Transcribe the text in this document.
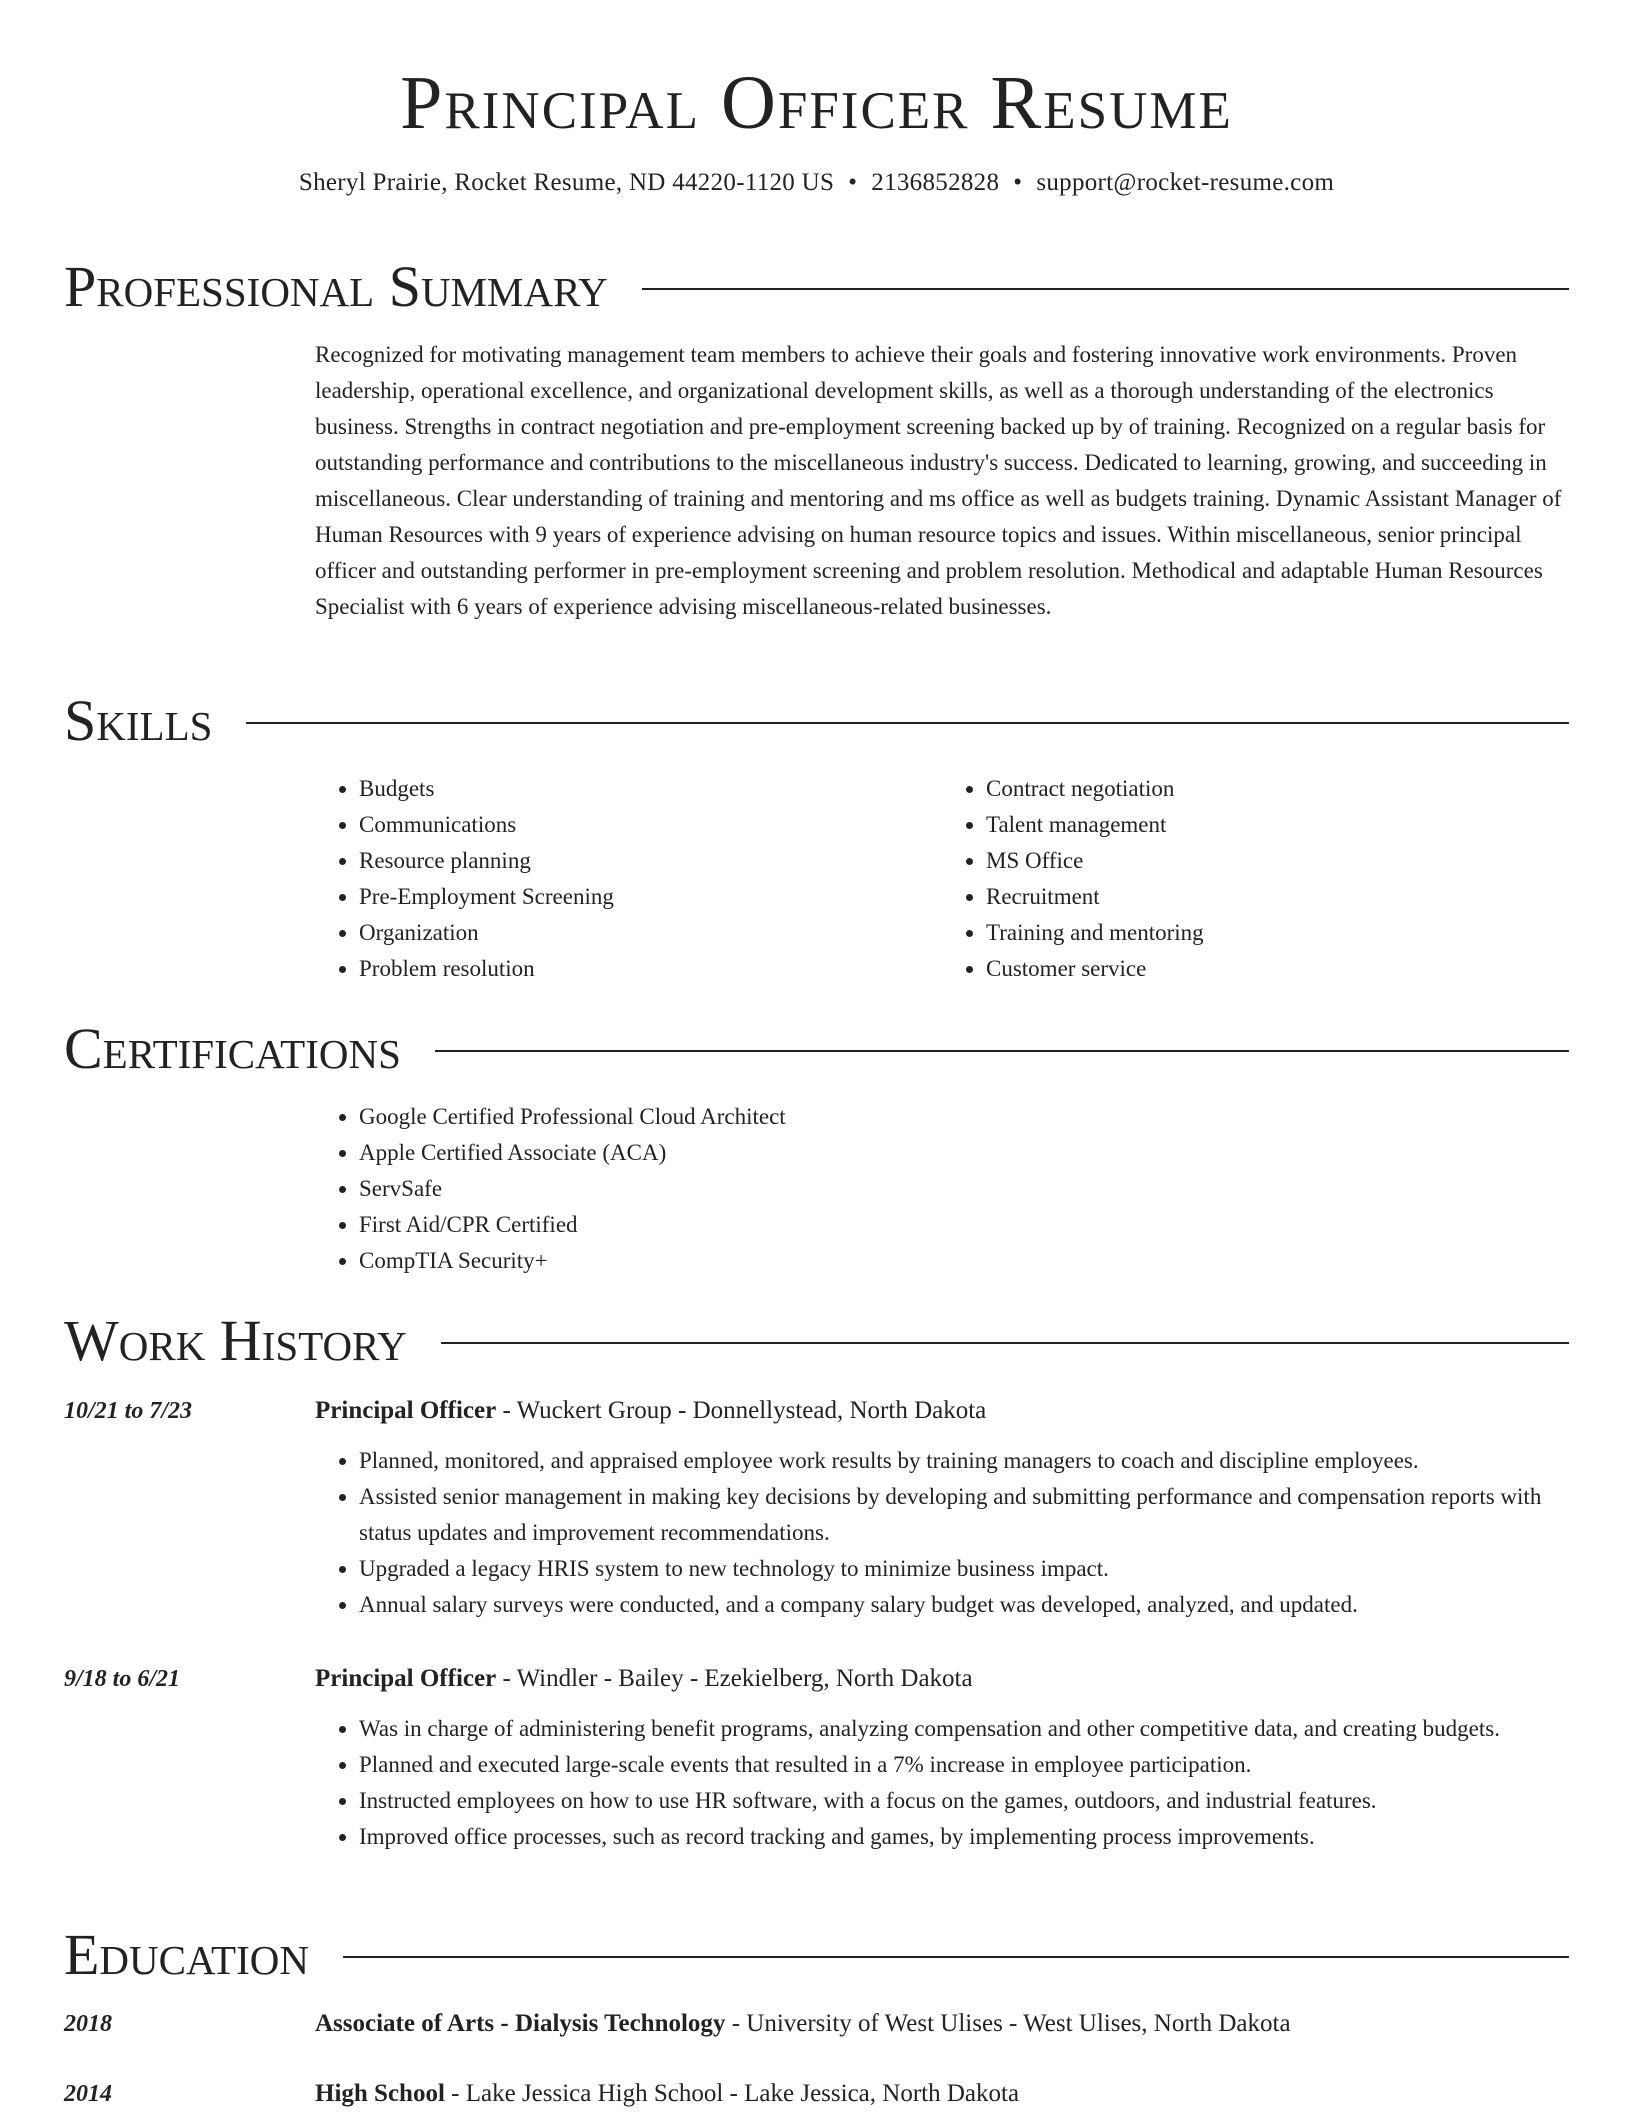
Principal Officer Resume
Sheryl Prairie, Rocket Resume, ND 44220-1120 US • 2136852828 • support@rocket-resume.com
Professional Summary

Recognized for motivating management team members to achieve their goals and fostering innovative work environments. Proven leadership, operational excellence, and organizational development skills, as well as a thorough understanding of the electronics business. Strengths in contract negotiation and pre-employment screening backed up by of training. Recognized on a regular basis for outstanding performance and contributions to the miscellaneous industry's success. Dedicated to learning, growing, and succeeding in miscellaneous. Clear understanding of training and mentoring and ms office as well as budgets training. Dynamic Assistant Manager of Human Resources with 9 years of experience advising on human resource topics and issues. Within miscellaneous, senior principal officer and outstanding performer in pre-employment screening and problem resolution. Methodical and adaptable Human Resources Specialist with 6 years of experience advising miscellaneous-related businesses.

Skills
• Budgets
• Communications
• Resource planning
• Pre-Employment Screening
• Organization
• Problem resolution
• Contract negotiation
• Talent management
• MS Office
• Recruitment
• Training and mentoring
• Customer service
Certifications
• Google Certified Professional Cloud Architect
• Apple Certified Associate (ACA)
• ServSafe
• First Aid/CPR Certified
• CompTIA Security+
Work History
10/21 to 7/23	Principal Officer - Wuckert Group - Donnellystead, North Dakota
• Planned, monitored, and appraised employee work results by training managers to coach and discipline employees.
• Assisted senior management in making key decisions by developing and submitting performance and compensation reports with status updates and improvement recommendations.
• Upgraded a legacy HRIS system to new technology to minimize business impact.
• Annual salary surveys were conducted, and a company salary budget was developed, analyzed, and updated.
9/18 to 6/21	Principal Officer - Windler - Bailey - Ezekielberg, North Dakota
• Was in charge of administering benefit programs, analyzing compensation and other competitive data, and creating budgets.
• Planned and executed large-scale events that resulted in a 7% increase in employee participation.
• Instructed employees on how to use HR software, with a focus on the games, outdoors, and industrial features.
• Improved office processes, such as record tracking and games, by implementing process improvements.
Education
2018	Associate of Arts - Dialysis Technology - University of West Ulises - West Ulises, North Dakota
2014	High School - Lake Jessica High School - Lake Jessica, North Dakota
